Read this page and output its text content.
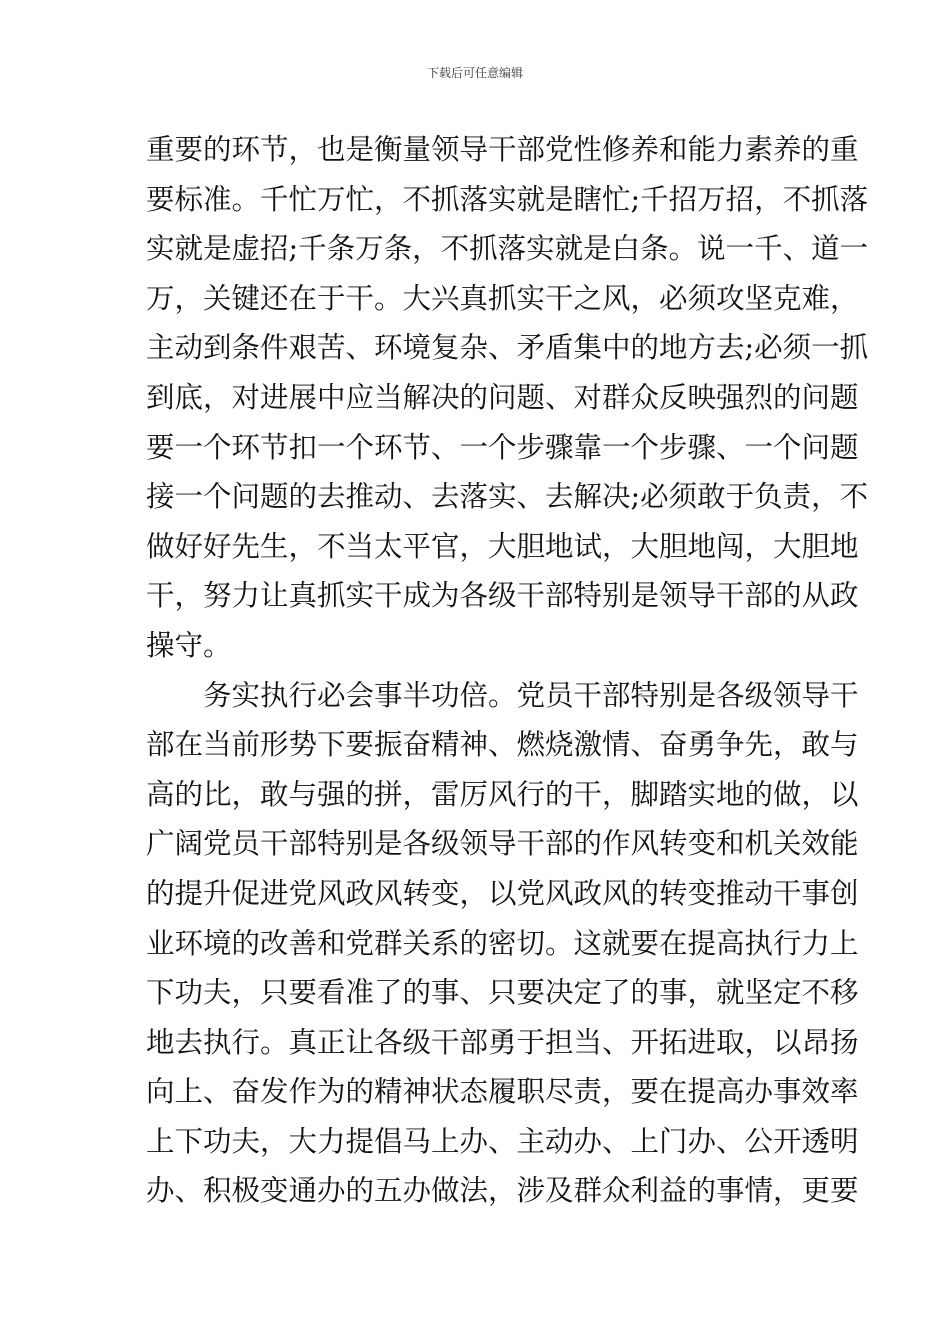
下载后可任意编辑
重要的环节，也是衡量领导干部党性修养和能力素养的重
要标准。千忙万忙，不抓落实就是瞎忙;千招万招，不抓落
实就是虚招;千条万条，不抓落实就是白条。说一千、道一
万，关键还在于干。大兴真抓实干之风，必须攻坚克难，
主动到条件艰苦、环境复杂、矛盾集中的地方去;必须一抓
到底，对进展中应当解决的问题、对群众反映强烈的问题
要一个环节扣一个环节、一个步骤靠一个步骤、一个问题
接一个问题的去推动、去落实、去解决;必须敢于负责，不
做好好先生，不当太平官，大胆地试，大胆地闯，大胆地
干，努力让真抓实干成为各级干部特别是领导干部的从政
操守。
务实执行必会事半功倍。党员干部特别是各级领导干
部在当前形势下要振奋精神、燃烧激情、奋勇争先，敢与
高的比，敢与强的拼，雷厉风行的干，脚踏实地的做，以
广阔党员干部特别是各级领导干部的作风转变和机关效能
的提升促进党风政风转变，以党风政风的转变推动干事创
业环境的改善和党群关系的密切。这就要在提高执行力上
下功夫，只要看准了的事、只要决定了的事，就坚定不移
地去执行。真正让各级干部勇于担当、开拓进取，以昂扬
向上、奋发作为的精神状态履职尽责，要在提高办事效率
上下功夫，大力提倡马上办、主动办、上门办、公开透明
办、积极变通办的五办做法，涉及群众利益的事情，更要
